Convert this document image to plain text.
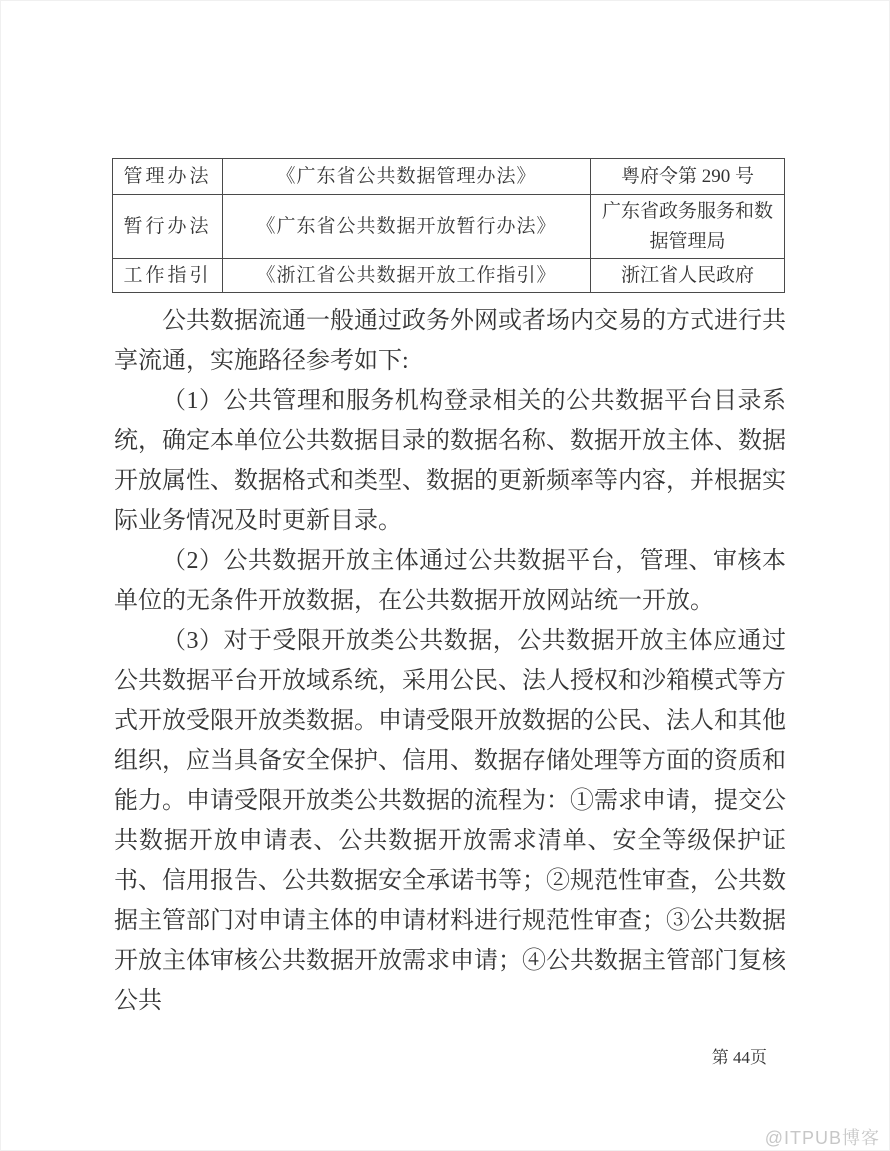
管理办法	《广东省公共数据管理办法》	粤府令第 290 号
暂行办法	《广东省公共数据开放暂行办法》	广东省政务服务和数据管理局
工作指引	《浙江省公共数据开放工作指引》	浙江省人民政府

公共数据流通一般通过政务外网或者场内交易的方式进行共享流通，实施路径参考如下:

（1）公共管理和服务机构登录相关的公共数据平台目录系统，确定本单位公共数据目录的数据名称、数据开放主体、数据开放属性、数据格式和类型、数据的更新频率等内容，并根据实际业务情况及时更新目录。

（2）公共数据开放主体通过公共数据平台，管理、审核本单位的无条件开放数据，在公共数据开放网站统一开放。

（3）对于受限开放类公共数据，公共数据开放主体应通过公共数据平台开放域系统，采用公民、法人授权和沙箱模式等方式开放受限开放类数据。申请受限开放数据的公民、法人和其他组织，应当具备安全保护、信用、数据存储处理等方面的资质和能力。申请受限开放类公共数据的流程为：①需求申请，提交公共数据开放申请表、公共数据开放需求清单、安全等级保护证书、信用报告、公共数据安全承诺书等；②规范性审查，公共数据主管部门对申请主体的申请材料进行规范性审查；③公共数据开放主体审核公共数据开放需求申请；④公共数据主管部门复核公共

第 44页
@ITPUB博客
